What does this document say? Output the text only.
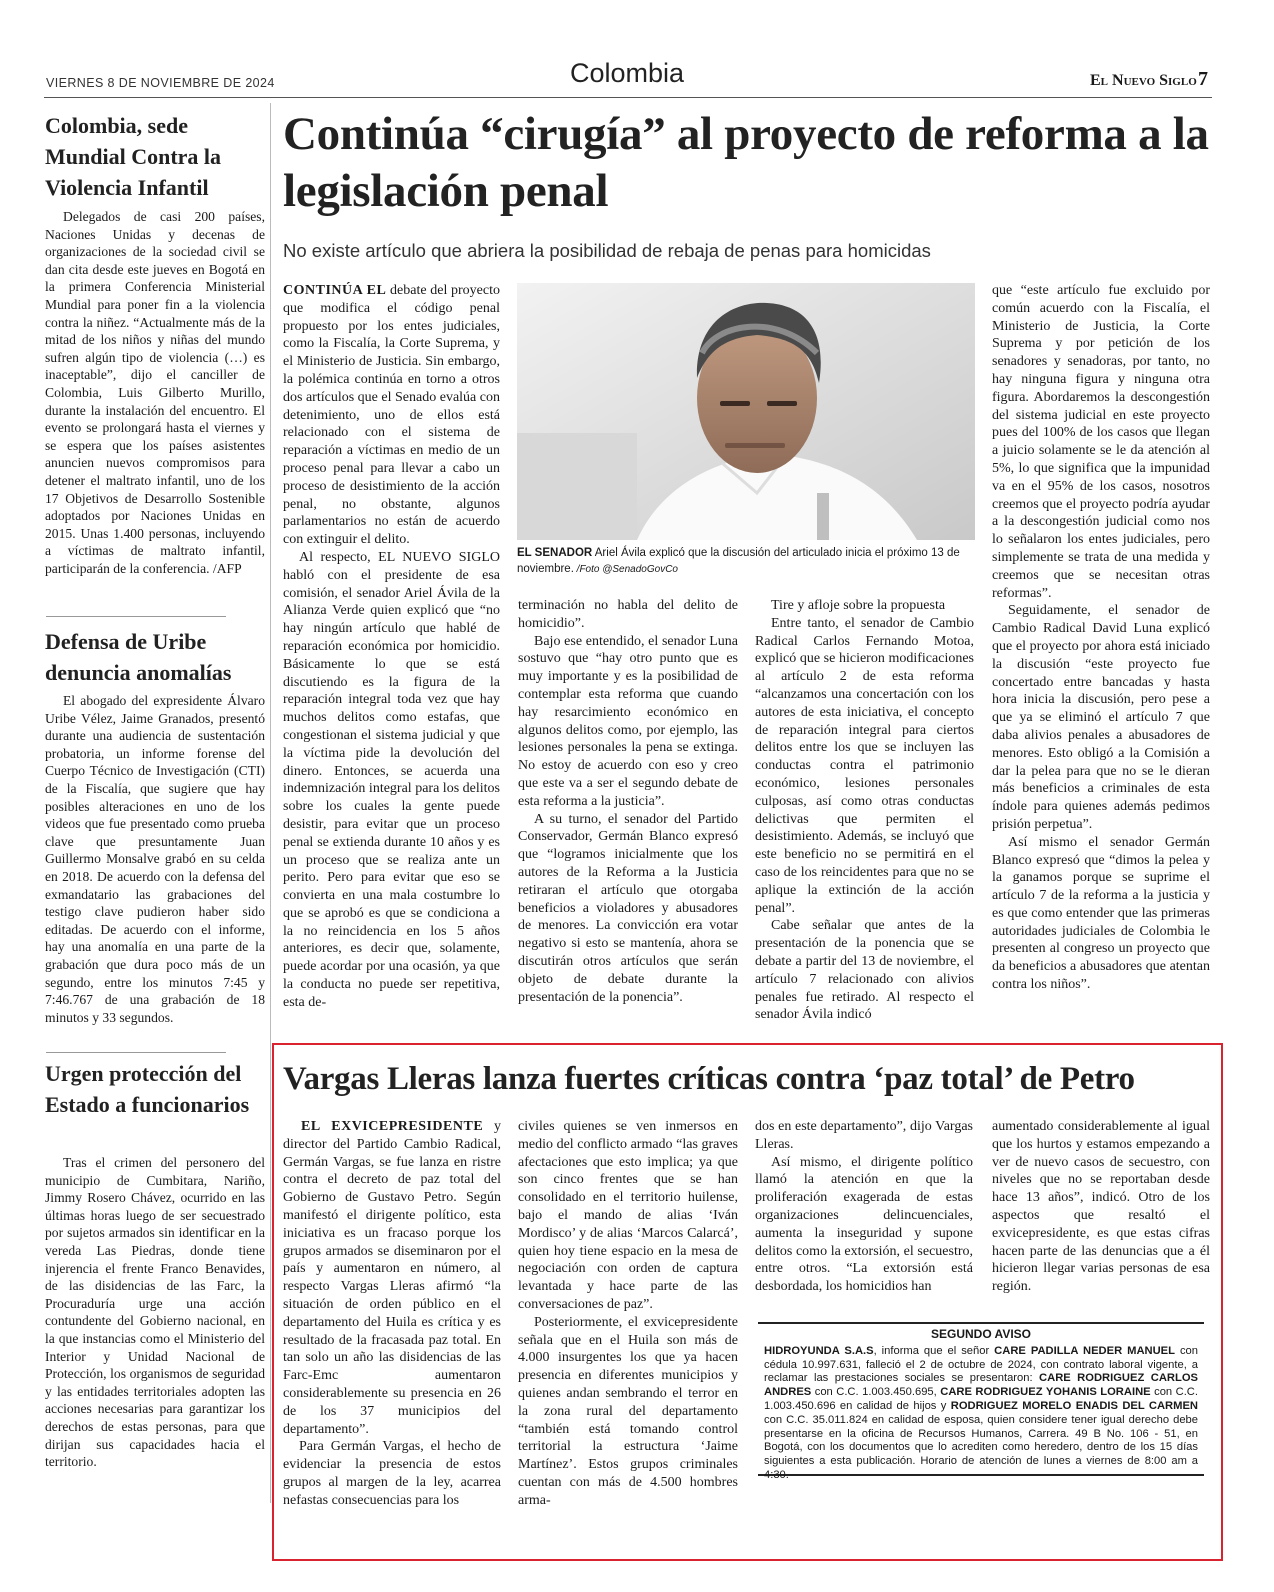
VIERNES 8 DE NOVIEMBRE DE 2024	Colombia	El Nuevo Siglo 7
Colombia, sede Mundial Contra la Violencia Infantil
Delegados de casi 200 países, Naciones Unidas y decenas de organizaciones de la sociedad civil se dan cita desde este jueves en Bogotá en la primera Conferencia Ministerial Mundial para poner fin a la violencia contra la niñez. “Actualmente más de la mitad de los niños y niñas del mundo sufren algún tipo de violencia (…) es inaceptable”, dijo el canciller de Colombia, Luis Gilberto Murillo, durante la instalación del encuentro. El evento se prolongará hasta el viernes y se espera que los países asistentes anuncien nuevos compromisos para detener el maltrato infantil, uno de los 17 Objetivos de Desarrollo Sostenible adoptados por Naciones Unidas en 2015. Unas 1.400 personas, incluyendo a víctimas de maltrato infantil, participarán de la conferencia. /AFP
Defensa de Uribe denuncia anomalías
El abogado del expresidente Álvaro Uribe Vélez, Jaime Granados, presentó durante una audiencia de sustentación probatoria, un informe forense del Cuerpo Técnico de Investigación (CTI) de la Fiscalía, que sugiere que hay posibles alteraciones en uno de los videos que fue presentado como prueba clave que presuntamente Juan Guillermo Monsalve grabó en su celda en 2018. De acuerdo con la defensa del exmandatario las grabaciones del testigo clave pudieron haber sido editadas. De acuerdo con el informe, hay una anomalía en una parte de la grabación que dura poco más de un segundo, entre los minutos 7:45 y 7:46.767 de una grabación de 18 minutos y 33 segundos.
Urgen protección del Estado a funcionarios
Tras el crimen del personero del municipio de Cumbitara, Nariño, Jimmy Rosero Chávez, ocurrido en las últimas horas luego de ser secuestrado por sujetos armados sin identificar en la vereda Las Piedras, donde tiene injerencia el frente Franco Benavides, de las disidencias de las Farc, la Procuraduría urge una acción contundente del Gobierno nacional, en la que instancias como el Ministerio del Interior y Unidad Nacional de Protección, los organismos de seguridad y las entidades territoriales adopten las acciones necesarias para garantizar los derechos de estas personas, para que dirijan sus capacidades hacia el territorio.
Continúa “cirugía” al proyecto de reforma a la legislación penal
No existe artículo que abriera la posibilidad de rebaja de penas para homicidas

CONTINÚA EL debate del proyecto que modifica el código penal propuesto por los entes judiciales, como la Fiscalía, la Corte Suprema, y el Ministerio de Justicia. Sin embargo, la polémica continúa en torno a otros dos artículos que el Senado evalúa con detenimiento, uno de ellos está relacionado con el sistema de reparación a víctimas en medio de un proceso penal para llevar a cabo un proceso de desistimiento de la acción penal, no obstante, algunos parlamentarios no están de acuerdo con extinguir el delito.

Al respecto, EL NUEVO SIGLO habló con el presidente de esa comisión, el senador Ariel Ávila de la Alianza Verde quien explicó que “no hay ningún artículo que hablé de reparación económica por homicidio. Básicamente lo que se está discutiendo es la figura de la reparación integral toda vez que hay muchos delitos como estafas, que congestionan el sistema judicial y que la víctima pide la devolución del dinero. Entonces, se acuerda una indemnización integral para los delitos sobre los cuales la gente puede desistir, para evitar que un proceso penal se extienda durante 10 años y es un proceso que se realiza ante un perito. Pero para evitar que eso se convierta en una mala costumbre lo que se aprobó es que se condiciona a la no reincidencia en los 5 años anteriores, es decir que, solamente, puede acordar por una ocasión, ya que la conducta no puede ser repetitiva, esta de-

EL SENADOR Ariel Ávila explicó que la discusión del articulado inicia el próximo 13 de noviembre. /Foto @SenadoGovCo

terminación no habla del delito de homicidio”.

Bajo ese entendido, el senador Luna sostuvo que “hay otro punto que es muy importante y es la posibilidad de contemplar esta reforma que cuando hay resarcimiento económico en algunos delitos como, por ejemplo, las lesiones personales la pena se extinga. No estoy de acuerdo con eso y creo que este va a ser el segundo debate de esta reforma a la justicia”.

A su turno, el senador del Partido Conservador, Germán Blanco expresó que “logramos inicialmente que los autores de la Reforma a la Justicia retiraran el artículo que otorgaba beneficios a violadores y abusadores de menores. La convicción era votar negativo si esto se mantenía, ahora se discutirán otros artículos que serán objeto de debate durante la presentación de la ponencia”.

Tire y afloje sobre la propuesta

Entre tanto, el senador de Cambio Radical Carlos Fernando Motoa, explicó que se hicieron modificaciones al artículo 2 de esta reforma “alcanzamos una concertación con los autores de esta iniciativa, el concepto de reparación integral para ciertos delitos entre los que se incluyen las conductas contra el patrimonio económico, lesiones personales culposas, así como otras conductas delictivas que permiten el desistimiento. Además, se incluyó que este beneficio no se permitirá en el caso de los reincidentes para que no se aplique la extinción de la acción penal”.

Cabe señalar que antes de la presentación de la ponencia que se debate a partir del 13 de noviembre, el artículo 7 relacionado con alivios penales fue retirado. Al respecto el senador Ávila indicó

que “este artículo fue excluido por común acuerdo con la Fiscalía, el Ministerio de Justicia, la Corte Suprema y por petición de los senadores y senadoras, por tanto, no hay ninguna figura y ninguna otra figura. Abordaremos la descongestión del sistema judicial en este proyecto pues del 100% de los casos que llegan a juicio solamente se le da atención al 5%, lo que significa que la impunidad va en el 95% de los casos, nosotros creemos que el proyecto podría ayudar a la descongestión judicial como nos lo señalaron los entes judiciales, pero simplemente se trata de una medida y creemos que se necesitan otras reformas”.

Seguidamente, el senador de Cambio Radical David Luna explicó que el proyecto por ahora está iniciado la discusión “este proyecto fue concertado entre bancadas y hasta hora inicia la discusión, pero pese a que ya se eliminó el artículo 7 que daba alivios penales a abusadores de menores. Esto obligó a la Comisión a dar la pelea para que no se le dieran más beneficios a criminales de esta índole para quienes además pedimos prisión perpetua”.

Así mismo el senador Germán Blanco expresó que “dimos la pelea y la ganamos porque se suprime el artículo 7 de la reforma a la justicia y es que como entender que las primeras autoridades judiciales de Colombia le presenten al congreso un proyecto que da beneficios a abusadores que atentan contra los niños”.

Vargas Lleras lanza fuertes críticas contra ‘paz total’ de Petro

EL EXVICEPRESIDENTE y director del Partido Cambio Radical, Germán Vargas, se fue lanza en ristre contra el decreto de paz total del Gobierno de Gustavo Petro. Según manifestó el dirigente político, esta iniciativa es un fracaso porque los grupos armados se diseminaron por el país y aumentaron en número, al respecto Vargas Lleras afirmó “la situación de orden público en el departamento del Huila es crítica y es resultado de la fracasada paz total. En tan solo un año las disidencias de las Farc-Emc aumentaron considerablemente su presencia en 26 de los 37 municipios del departamento”.

Para Germán Vargas, el hecho de evidenciar la presencia de estos grupos al margen de la ley, acarrea nefastas consecuencias para los

civiles quienes se ven inmersos en medio del conflicto armado “las graves afectaciones que esto implica; ya que son cinco frentes que se han consolidado en el territorio huilense, bajo el mando de alias ‘Iván Mordisco’ y de alias ‘Marcos Calarcá’, quien hoy tiene espacio en la mesa de negociación con orden de captura levantada y hace parte de las conversaciones de paz”.

Posteriormente, el exvicepresidente señala que en el Huila son más de 4.000 insurgentes los que ya hacen presencia en diferentes municipios y quienes andan sembrando el terror en la zona rural del departamento “también está tomando control territorial la estructura ‘Jaime Martínez’. Estos grupos criminales cuentan con más de 4.500 hombres arma-

dos en este departamento”, dijo Vargas Lleras.

Así mismo, el dirigente político llamó la atención en que la proliferación exagerada de estas organizaciones delincuenciales, aumenta la inseguridad y supone delitos como la extorsión, el secuestro, entre otros. “La extorsión está desbordada, los homicidios han

aumentado considerablemente al igual que los hurtos y estamos empezando a ver de nuevo casos de secuestro, con niveles que no se reportaban desde hace 13 años”, indicó. Otro de los aspectos que resaltó el exvicepresidente, es que estas cifras hacen parte de las denuncias que a él hicieron llegar varias personas de esa región.

SEGUNDO AVISO
HIDROYUNDA S.A.S, informa que el señor CARE PADILLA NEDER MANUEL con cédula 10.997.631, falleció el 2 de octubre de 2024, con contrato laboral vigente, a reclamar las prestaciones sociales se presentaron: CARE RODRIGUEZ CARLOS ANDRES con C.C. 1.003.450.695, CARE RODRIGUEZ YOHANIS LORAINE con C.C. 1.003.450.696 en calidad de hijos y RODRIGUEZ MORELO ENADIS DEL CARMEN con C.C. 35.011.824 en calidad de esposa, quien considere tener igual derecho debe presentarse en la oficina de Recursos Humanos, Carrera. 49 B No. 106 - 51, en Bogotá, con los documentos que lo acrediten como heredero, dentro de los 15 días siguientes a esta publicación. Horario de atención de lunes a viernes de 8:00 am a 4:30.
